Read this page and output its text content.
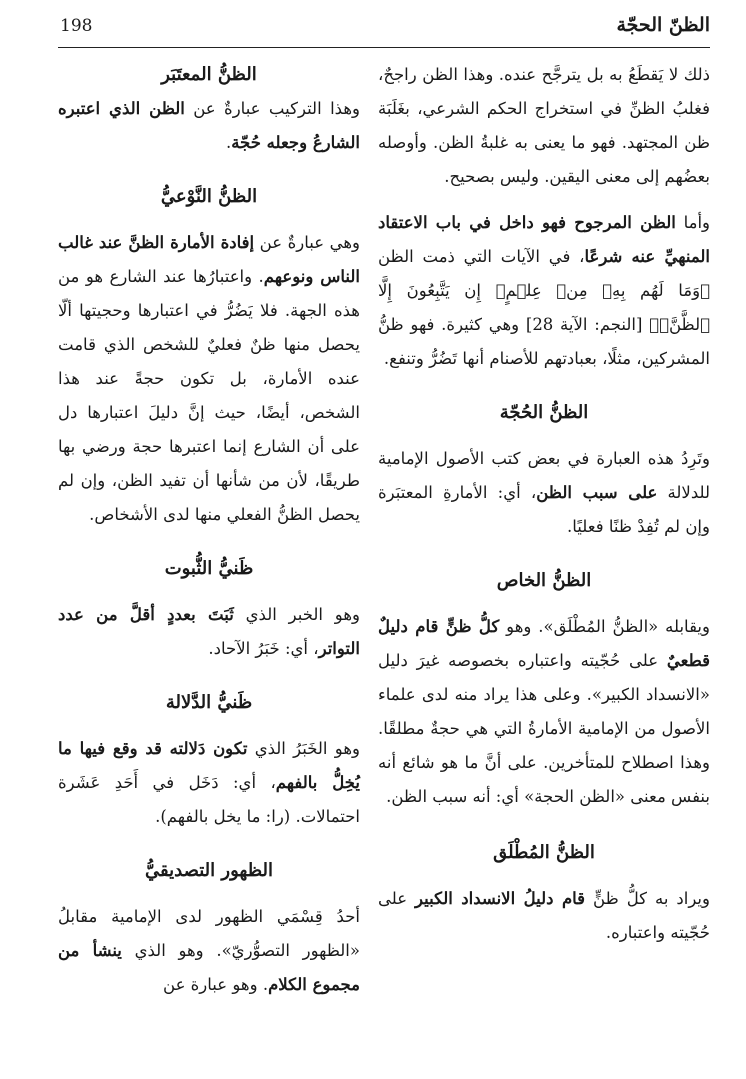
الظنّ الحجّة
198

ذلك لا يَقطَعُ به بل يترجَّح عنده. وهذا الظن راجحٌ، فغلبُ الظنِّ في استخراج الحكم الشرعي، بغَلَبَة ظن المجتهد. فهو ما يعنى به غلبةُ الظن. وأوصله بعضُهم إلى معنى اليقين. وليس بصحيح.

وأما الظن المرجوح فهو داخل في باب الاعتقاد المنهيِّ عنه شرعًا، في الآيات التي ذمت الظن ﴿وَمَا لَهُم بِهِۦ مِنۡ عِلۡمٍۖ إِن يَتَّبِعُونَ إِلَّا ٱلظَّنَّۖ﴾ [النجم: الآية 28] وهي كثيرة. فهو ظنُّ المشركين، مثلًا، بعبادتهم للأصنام أنها تَضُرُّ وتنفع.

الظنُّ الحُجّة

وتَرِدُ هذه العبارة في بعض كتب الأصول الإمامية للدلالة على سبب الظن، أي: الأمارةِ المعتبَرة وإن لم تُفِدْ ظنًا فعليًا.

الظنُّ الخاص

ويقابله «الظنُّ المُطْلَق». وهو كلُّ ظنٍّ قام دليلٌ قطعيٌ على حُجّيته واعتباره بخصوصه غيرَ دليل «الانسداد الكبير». وعلى هذا يراد منه لدى علماء الأصول من الإمامية الأمارةُ التي هي حجةٌ مطلقًا. وهذا اصطلاح للمتأخرين. على أنَّ ما هو شائع أنه بنفس معنى «الظن الحجة» أي: أنه سبب الظن.

الظنُّ المُطْلَق

ويراد به كلُّ ظنٍّ قام دليلُ الانسداد الكبير على حُجّيته واعتباره.

الظنُّ المعتَبَر

وهذا التركيب عبارةٌ عن الظن الذي اعتبره الشارعُ وجعله حُجّة.

الظنُّ النَّوْعيُّ

وهي عبارةٌ عن إفادة الأمارة الظنَّ عند غالب الناس ونوعهم. واعتبارُها عند الشارع هو من هذه الجهة. فلا يَضُرُّ في اعتبارها وحجيتها ألّا يحصل منها ظنٌ فعليٌ للشخص الذي قامت عنده الأمارة، بل تكون حجةً عند هذا الشخص، أيضًا، حيث إنَّ دليلَ اعتبارها دل على أن الشارع إنما اعتبرها حجة ورضي بها طريقًا، لأن من شأنها أن تفيد الظن، وإن لم يحصل الظنُّ الفعلي منها لدى الأشخاص.

ظَنيُّ الثُّبوت

وهو الخبر الذي ثَبَتَ بعددٍ أقلَّ من عدد التواتر، أي: خَبَرُ الآحاد.

ظَنيُّ الدَّلالة

وهو الخَبَرُ الذي تكون دَلالته قد وقع فيها ما يُخِلُّ بالفهم، أي: دَخَل في أَحَدِ عَشَرة احتمالات. (را: ما يخل بالفهم).

الظهور التصديقيُّ

أحدُ قِسْمَي الظهور لدى الإمامية مقابلُ «الظهور التصوُّريّ». وهو الذي ينشأ من مجموع الكلام. وهو عبارة عن
